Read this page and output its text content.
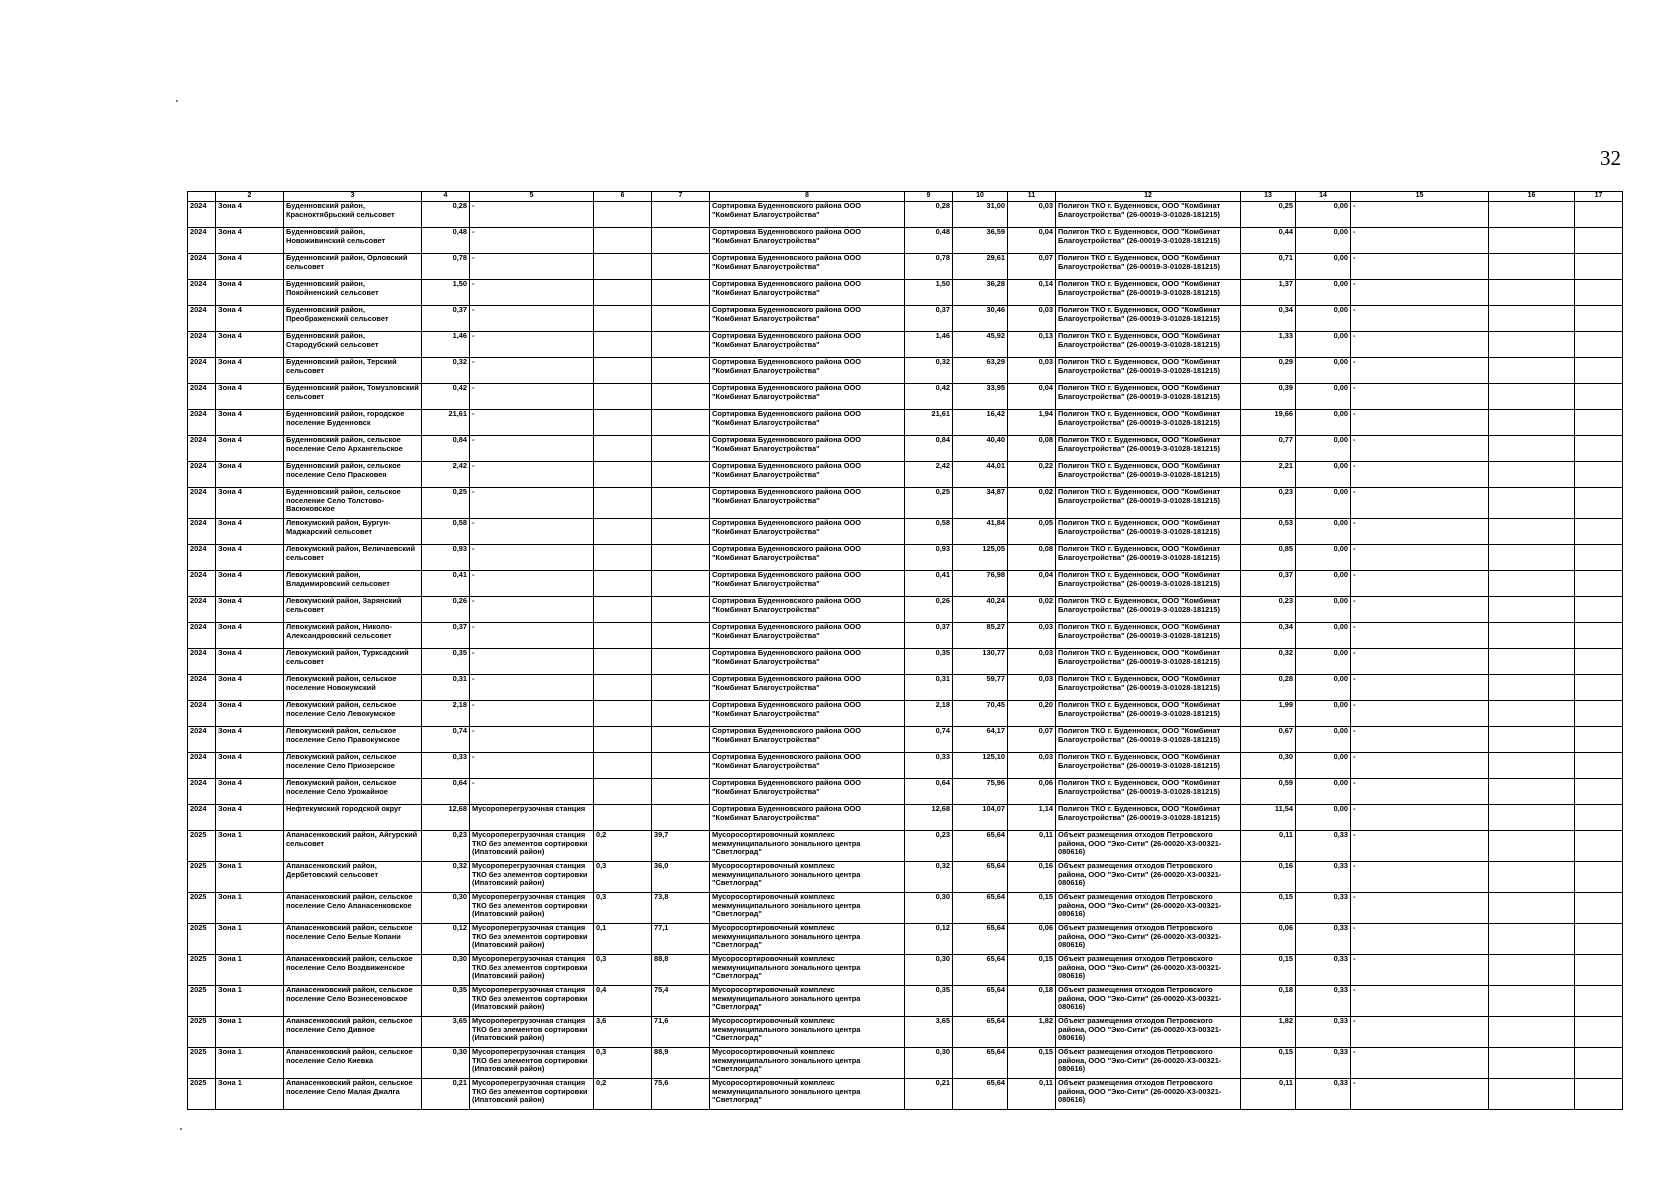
32
	2	3	4	5	6	7	8	9	10	11	12	13	14	15	16	17
2024	Зона 4	Буденновский район, Красноктябрьский сельсовет	0,28	-			Сортировка Буденновского района ООО "Комбинат Благоустройства"	0,28	31,00	0,03	Полигон ТКО г. Буденновск, ООО "Комбинат Благоустройства" (26-00019-З-01028-181215)	0,25	0,00	-		
2024	Зона 4	Буденновский район, Новоживинский сельсовет	0,48	-			Сортировка Буденновского района ООО "Комбинат Благоустройства"	0,48	36,59	0,04	Полигон ТКО г. Буденновск, ООО "Комбинат Благоустройства" (26-00019-З-01028-181215)	0,44	0,00	-		
2024	Зона 4	Буденновский район, Орловский сельсовет	0,78	-			Сортировка Буденновского района ООО "Комбинат Благоустройства"	0,78	29,61	0,07	Полигон ТКО г. Буденновск, ООО "Комбинат Благоустройства" (26-00019-З-01028-181215)	0,71	0,00	-		
2024	Зона 4	Буденновский район, Покойненский сельсовет	1,50	-			Сортировка Буденновского района ООО "Комбинат Благоустройства"	1,50	36,28	0,14	Полигон ТКО г. Буденновск, ООО "Комбинат Благоустройства" (26-00019-З-01028-181215)	1,37	0,00	-		
2024	Зона 4	Буденновский район, Преображенский сельсовет	0,37	-			Сортировка Буденновского района ООО "Комбинат Благоустройства"	0,37	30,46	0,03	Полигон ТКО г. Буденновск, ООО "Комбинат Благоустройства" (26-00019-З-01028-181215)	0,34	0,00	-		
2024	Зона 4	Буденновский район, Стародубский сельсовет	1,46	-			Сортировка Буденновского района ООО "Комбинат Благоустройства"	1,46	45,92	0,13	Полигон ТКО г. Буденновск, ООО "Комбинат Благоустройства" (26-00019-З-01028-181215)	1,33	0,00	-		
2024	Зона 4	Буденновский район, Терский сельсовет	0,32	-			Сортировка Буденновского района ООО "Комбинат Благоустройства"	0,32	63,29	0,03	Полигон ТКО г. Буденновск, ООО "Комбинат Благоустройства" (26-00019-З-01028-181215)	0,29	0,00	-		
2024	Зона 4	Буденновский район, Томузловский сельсовет	0,42	-			Сортировка Буденновского района ООО "Комбинат Благоустройства"	0,42	33,95	0,04	Полигон ТКО г. Буденновск, ООО "Комбинат Благоустройства" (26-00019-З-01028-181215)	0,39	0,00	-		
2024	Зона 4	Буденновский район, городское поселение Буденновск	21,61	-			Сортировка Буденновского района ООО "Комбинат Благоустройства"	21,61	16,42	1,94	Полигон ТКО г. Буденновск, ООО "Комбинат Благоустройства" (26-00019-З-01028-181215)	19,66	0,00	-		
2024	Зона 4	Буденновский район, сельское поселение Село Архангельское	0,84	-			Сортировка Буденновского района ООО "Комбинат Благоустройства"	0,84	40,40	0,08	Полигон ТКО г. Буденновск, ООО "Комбинат Благоустройства" (26-00019-З-01028-181215)	0,77	0,00	-		
2024	Зона 4	Буденновский район, сельское поселение Село Прасковея	2,42	-			Сортировка Буденновского района ООО "Комбинат Благоустройства"	2,42	44,01	0,22	Полигон ТКО г. Буденновск, ООО "Комбинат Благоустройства" (26-00019-З-01028-181215)	2,21	0,00	-		
2024	Зона 4	Буденновский район, сельское поселение Село Толстово-Васюковское	0,25	-			Сортировка Буденновского района ООО "Комбинат Благоустройства"	0,25	34,87	0,02	Полигон ТКО г. Буденновск, ООО "Комбинат Благоустройства" (26-00019-З-01028-181215)	0,23	0,00	-		
2024	Зона 4	Левокумский район, Бургун-Маджарский сельсовет	0,58	-			Сортировка Буденновского района ООО "Комбинат Благоустройства"	0,58	41,84	0,05	Полигон ТКО г. Буденновск, ООО "Комбинат Благоустройства" (26-00019-З-01028-181215)	0,53	0,00	-		
2024	Зона 4	Левокумский район, Величаевский сельсовет	0,93	-			Сортировка Буденновского района ООО "Комбинат Благоустройства"	0,93	125,05	0,08	Полигон ТКО г. Буденновск, ООО "Комбинат Благоустройства" (26-00019-З-01028-181215)	0,85	0,00	-		
2024	Зона 4	Левокумский район, Владимировский сельсовет	0,41	-			Сортировка Буденновского района ООО "Комбинат Благоустройства"	0,41	76,98	0,04	Полигон ТКО г. Буденновск, ООО "Комбинат Благоустройства" (26-00019-З-01028-181215)	0,37	0,00	-		
2024	Зона 4	Левокумский район, Зарянский сельсовет	0,26	-			Сортировка Буденновского района ООО "Комбинат Благоустройства"	0,26	40,24	0,02	Полигон ТКО г. Буденновск, ООО "Комбинат Благоустройства" (26-00019-З-01028-181215)	0,23	0,00	-		
2024	Зона 4	Левокумский район, Николо-Александровский сельсовет	0,37	-			Сортировка Буденновского района ООО "Комбинат Благоустройства"	0,37	85,27	0,03	Полигон ТКО г. Буденновск, ООО "Комбинат Благоустройства" (26-00019-З-01028-181215)	0,34	0,00	-		
2024	Зона 4	Левокумский район, Турксадский сельсовет	0,35	-			Сортировка Буденновского района ООО "Комбинат Благоустройства"	0,35	130,77	0,03	Полигон ТКО г. Буденновск, ООО "Комбинат Благоустройства" (26-00019-З-01028-181215)	0,32	0,00	-		
2024	Зона 4	Левокумский район, сельское поселение Новокумский	0,31	-			Сортировка Буденновского района ООО "Комбинат Благоустройства"	0,31	59,77	0,03	Полигон ТКО г. Буденновск, ООО "Комбинат Благоустройства" (26-00019-З-01028-181215)	0,28	0,00	-		
2024	Зона 4	Левокумский район, сельское поселение Село Левокумское	2,18	-			Сортировка Буденновского района ООО "Комбинат Благоустройства"	2,18	70,45	0,20	Полигон ТКО г. Буденновск, ООО "Комбинат Благоустройства" (26-00019-З-01028-181215)	1,99	0,00	-		
2024	Зона 4	Левокумский район, сельское поселение Село Правокумское	0,74	-			Сортировка Буденновского района ООО "Комбинат Благоустройства"	0,74	64,17	0,07	Полигон ТКО г. Буденновск, ООО "Комбинат Благоустройства" (26-00019-З-01028-181215)	0,67	0,00	-		
2024	Зона 4	Левокумский район, сельское поселение Село Приозерское	0,33	-			Сортировка Буденновского района ООО "Комбинат Благоустройства"	0,33	125,10	0,03	Полигон ТКО г. Буденновск, ООО "Комбинат Благоустройства" (26-00019-З-01028-181215)	0,30	0,00	-		
2024	Зона 4	Левокумский район, сельское поселение Село Урожайное	0,64	-			Сортировка Буденновского района ООО "Комбинат Благоустройства"	0,64	75,96	0,06	Полигон ТКО г. Буденновск, ООО "Комбинат Благоустройства" (26-00019-З-01028-181215)	0,59	0,00	-		
2024	Зона 4	Нефтекумский городской округ	12,68	Мусороперегрузочная станция			Сортировка Буденновского района ООО "Комбинат Благоустройства"	12,68	104,07	1,14	Полигон ТКО г. Буденновск, ООО "Комбинат Благоустройства" (26-00019-З-01028-181215)	11,54	0,00	-		
2025	Зона 1	Апанасенковский район, Айгурский сельсовет	0,23	Мусороперегрузочная станция ТКО без элементов сортировки (Ипатовский район)	0,2	39,7	Мусоросортировочный комплекс межмуниципального зонального центра "Светлоград"	0,23	65,64	0,11	Объект размещения отходов Петровского района, ООО "Эко-Сити" (26-00020-Х3-00321-080616)	0,11	0,33	-		
2025	Зона 1	Апанасенковский район, Дербетовский сельсовет	0,32	Мусороперегрузочная станция ТКО без элементов сортировки (Ипатовский район)	0,3	36,0	Мусоросортировочный комплекс межмуниципального зонального центра "Светлоград"	0,32	65,64	0,16	Объект размещения отходов Петровского района, ООО "Эко-Сити" (26-00020-Х3-00321-080616)	0,16	0,33	-		
2025	Зона 1	Апанасенковский район, сельское поселение Село Апанасенковское	0,30	Мусороперегрузочная станция ТКО без элементов сортировки (Ипатовский район)	0,3	73,8	Мусоросортировочный комплекс межмуниципального зонального центра "Светлоград"	0,30	65,64	0,15	Объект размещения отходов Петровского района, ООО "Эко-Сити" (26-00020-Х3-00321-080616)	0,15	0,33	-		
2025	Зона 1	Апанасенковский район, сельское поселение Село Белые Копани	0,12	Мусороперегрузочная станция ТКО без элементов сортировки (Ипатовский район)	0,1	77,1	Мусоросортировочный комплекс межмуниципального зонального центра "Светлоград"	0,12	65,64	0,06	Объект размещения отходов Петровского района, ООО "Эко-Сити" (26-00020-Х3-00321-080616)	0,06	0,33	-		
2025	Зона 1	Апанасенковский район, сельское поселение Село Воздвиженское	0,30	Мусороперегрузочная станция ТКО без элементов сортировки (Ипатовский район)	0,3	88,8	Мусоросортировочный комплекс межмуниципального зонального центра "Светлоград"	0,30	65,64	0,15	Объект размещения отходов Петровского района, ООО "Эко-Сити" (26-00020-Х3-00321-080616)	0,15	0,33	-		
2025	Зона 1	Апанасенковский район, сельское поселение Село Вознесеновское	0,35	Мусороперегрузочная станция ТКО без элементов сортировки (Ипатовский район)	0,4	75,4	Мусоросортировочный комплекс межмуниципального зонального центра "Светлоград"	0,35	65,64	0,18	Объект размещения отходов Петровского района, ООО "Эко-Сити" (26-00020-Х3-00321-080616)	0,18	0,33	-		
2025	Зона 1	Апанасенковский район, сельское поселение Село Дивное	3,65	Мусороперегрузочная станция ТКО без элементов сортировки (Ипатовский район)	3,6	71,6	Мусоросортировочный комплекс межмуниципального зонального центра "Светлоград"	3,65	65,64	1,82	Объект размещения отходов Петровского района, ООО "Эко-Сити" (26-00020-Х3-00321-080616)	1,82	0,33	-		
2025	Зона 1	Апанасенковский район, сельское поселение Село Киевка	0,30	Мусороперегрузочная станция ТКО без элементов сортировки (Ипатовский район)	0,3	88,9	Мусоросортировочный комплекс межмуниципального зонального центра "Светлоград"	0,30	65,64	0,15	Объект размещения отходов Петровского района, ООО "Эко-Сити" (26-00020-Х3-00321-080616)	0,15	0,33	-		
2025	Зона 1	Апанасенковский район, сельское поселение Село Малая Джалга	0,21	Мусороперегрузочная станция ТКО без элементов сортировки (Ипатовский район)	0,2	75,6	Мусоросортировочный комплекс межмуниципального зонального центра "Светлоград"	0,21	65,64	0,11	Объект размещения отходов Петровского района, ООО "Эко-Сити" (26-00020-Х3-00321-080616)	0,11	0,33	-		
